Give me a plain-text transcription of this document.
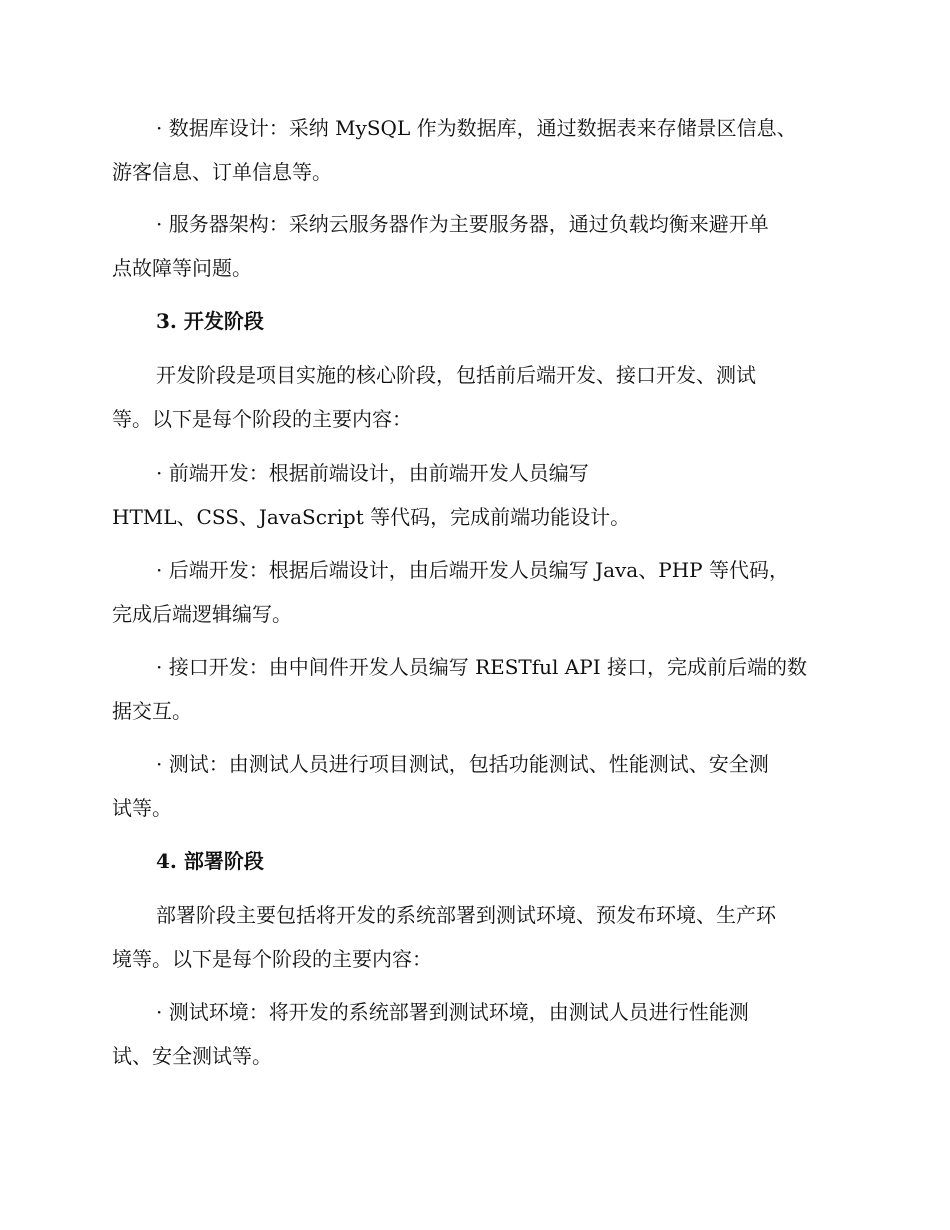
· 数据库设计：采纳 MySQL 作为数据库，通过数据表来存储景区信息、
游客信息、订单信息等。
· 服务器架构：采纳云服务器作为主要服务器，通过负载均衡来避开单
点故障等问题。
3. 开发阶段
开发阶段是项目实施的核心阶段，包括前后端开发、接口开发、测试
等。以下是每个阶段的主要内容：
· 前端开发：根据前端设计，由前端开发人员编写
HTML、CSS、JavaScript 等代码，完成前端功能设计。
· 后端开发：根据后端设计，由后端开发人员编写 Java、PHP 等代码，
完成后端逻辑编写。
· 接口开发：由中间件开发人员编写 RESTful API 接口，完成前后端的数
据交互。
· 测试：由测试人员进行项目测试，包括功能测试、性能测试、安全测
试等。
4. 部署阶段
部署阶段主要包括将开发的系统部署到测试环境、预发布环境、生产环
境等。以下是每个阶段的主要内容：
· 测试环境：将开发的系统部署到测试环境，由测试人员进行性能测
试、安全测试等。
